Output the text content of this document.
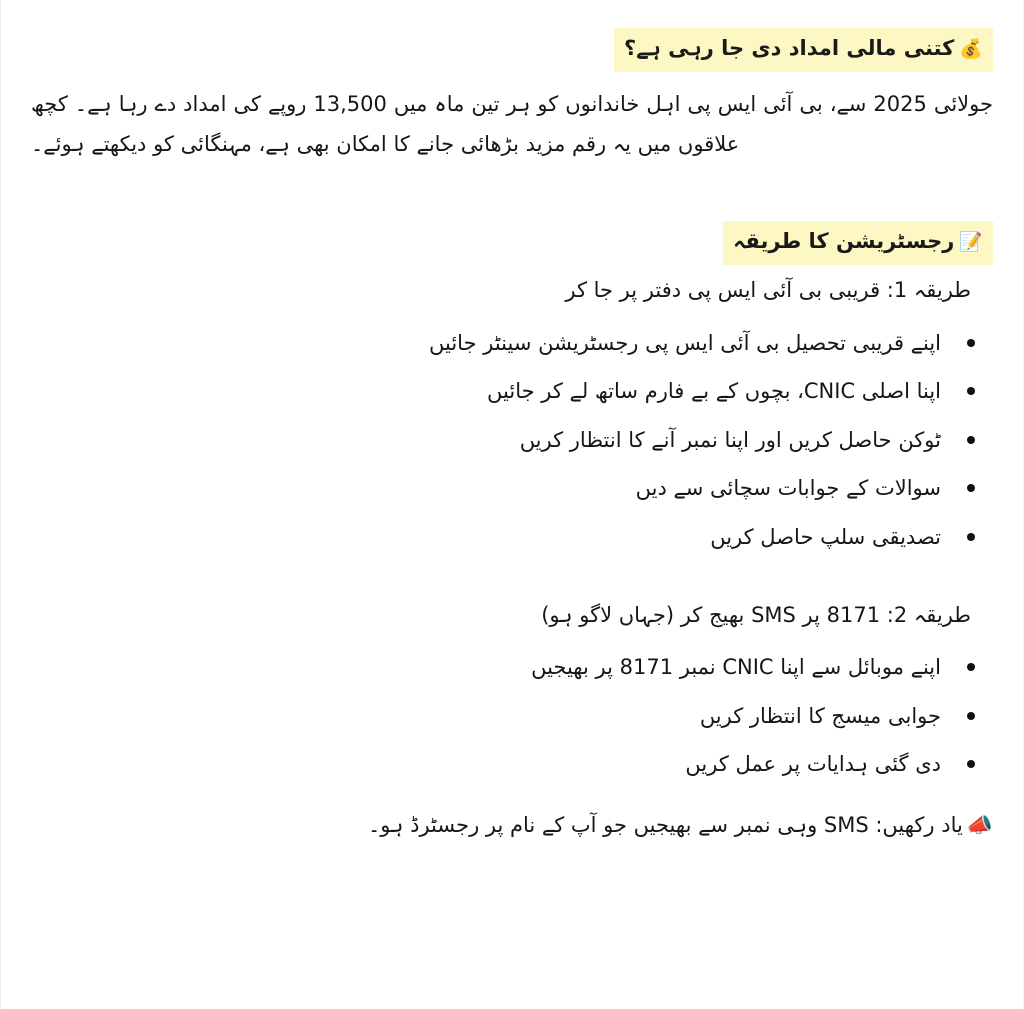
💰کتنی مالی امداد دی جا رہی ہے؟

جولائی 2025 سے، بی آئی ایس پی اہل خاندانوں کو ہر تین ماہ میں 13,500 روپے کی امداد دے رہا ہے۔ کچھ علاقوں میں یہ رقم مزید بڑھائی جانے کا امکان بھی ہے، مہنگائی کو دیکھتے ہوئے۔

📝رجسٹریشن کا طریقہ

طریقہ 1: قریبی بی آئی ایس پی دفتر پر جا کر

اپنے قریبی تحصیل بی آئی ایس پی رجسٹریشن سینٹر جائیں
اپنا اصلی CNIC، بچوں کے بے فارم ساتھ لے کر جائیں
ٹوکن حاصل کریں اور اپنا نمبر آنے کا انتظار کریں
سوالات کے جوابات سچائی سے دیں
تصدیقی سلپ حاصل کریں

طریقہ 2: 8171 پر SMS بھیج کر (جہاں لاگو ہو)

اپنے موبائل سے اپنا CNIC نمبر 8171 پر بھیجیں
جوابی میسج کا انتظار کریں
دی گئی ہدایات پر عمل کریں

📣یاد رکھیں: SMS وہی نمبر سے بھیجیں جو آپ کے نام پر رجسٹرڈ ہو۔
